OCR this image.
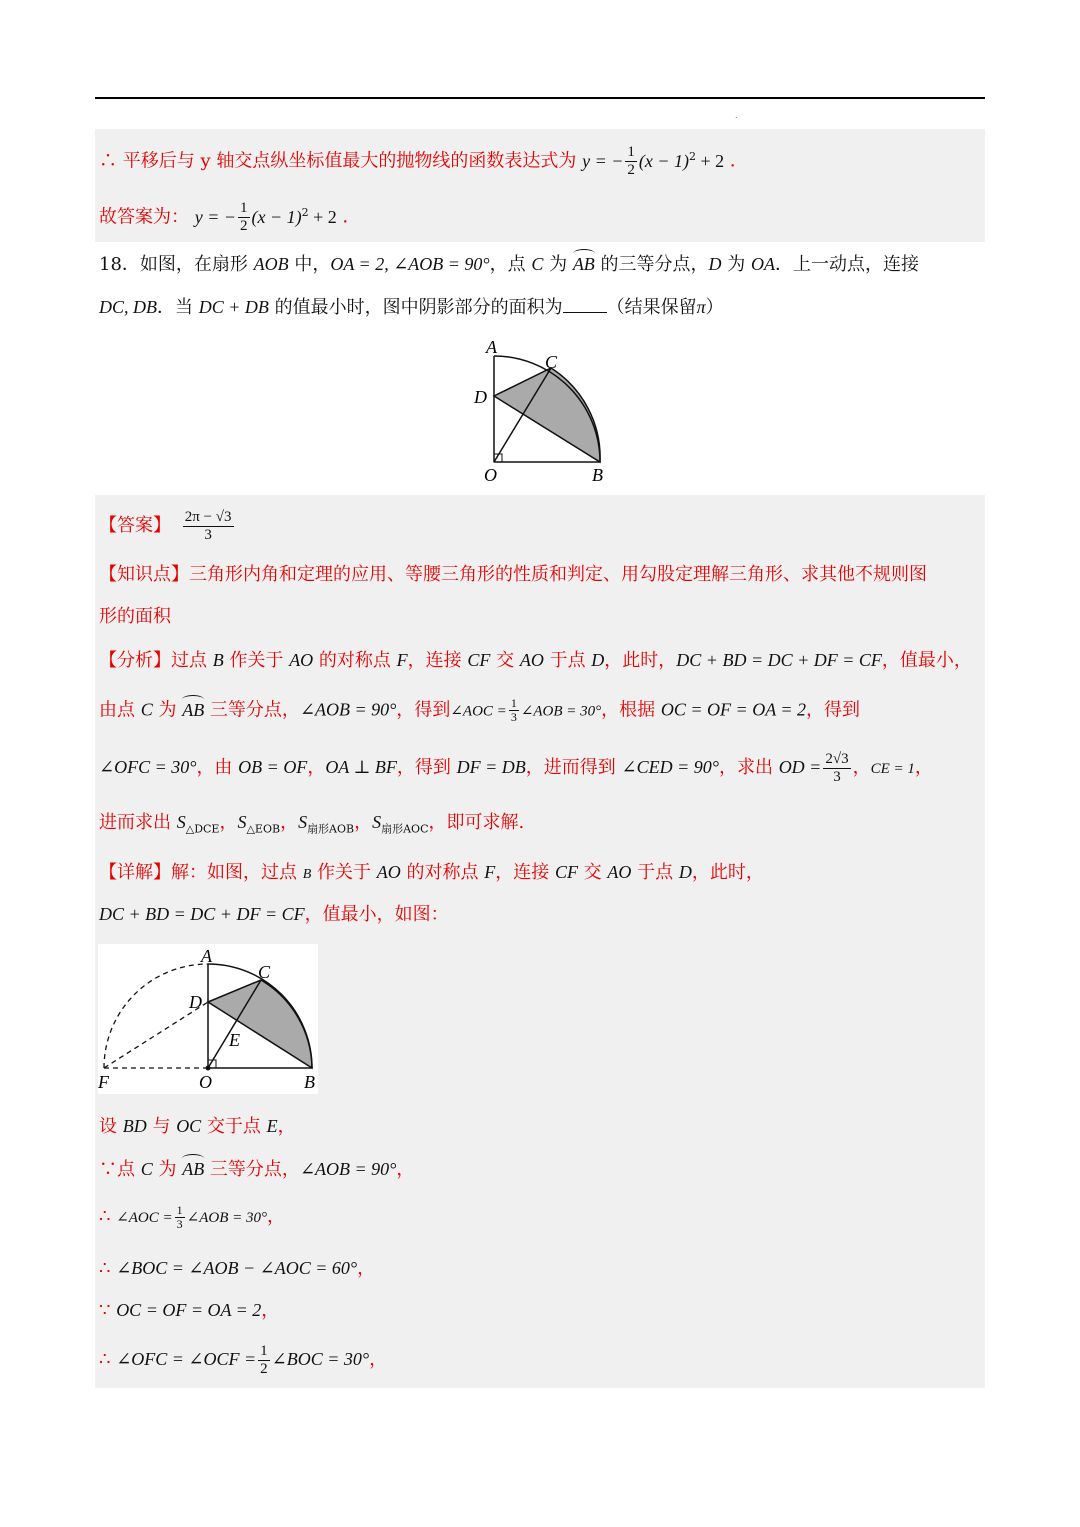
.
∴ 平移后与 y 轴交点纵坐标值最大的抛物线的函数表达式为 y = − $\frac{1}{2} (x - 1)^2 + 2$ ．
故答案为： y = − $\frac{1}{2} (x - 1)^2 + 2$ ．
18．如图，在扇形 AOB 中，OA = 2, ∠AOB = 90°，点 C 为 AB 的三等分点，D 为 OA．上一动点，连接
DC, DB．当 DC + DB 的值最小时，图中阴影部分的面积为 （结果保留π）
A
C
D
O	B
【答案】 $\frac{2\pi - √3}{3}$
【知识点】三角形内角和定理的应用、等腰三角形的性质和判定、用勾股定理解三角形、求其他不规则图
形的面积
【分析】过点 B 作关于 AO 的对称点 F，连接 CF 交 AO 于点 D，此时，DC + BD = DC + DF = CF，值最小，
由点 C 为 AB 三等分点，∠AOB = 90°，得到∠AOC = $\frac{1}{3}$ ∠AOB = 30°，根据 OC = OF = OA = 2，得到
∠OFC = 30°，由 OB = OF，OA ⊥ BF，得到 DF = DB，进而得到 ∠CED = 90°，求出 OD = $\frac{2√3}{3}$ ，CE = 1，
进而求出 $S_{\triangle DCE}$，$S_{\triangle EOB}$，$S_{扇形AOB}$，$S_{扇形AOC}$，即可求解.
【详解】解：如图，过点 B 作关于 AO 的对称点 F，连接 CF 交 AO 于点 D，此时，
DC + BD = DC + DF = CF，值最小，如图：
A
C
D
E
F	O	B
设 BD 与 OC 交于点 E，
∵点 C 为 AB 三等分点，∠AOB = 90°，
∴ ∠AOC = $\frac{1}{3}$ ∠AOB = 30°，
∴ ∠BOC = ∠AOB − ∠AOC = 60°，
∵ OC = OF = OA = 2，
∴ ∠OFC = ∠OCF = $\frac{1}{2}$ ∠BOC = 30°，
